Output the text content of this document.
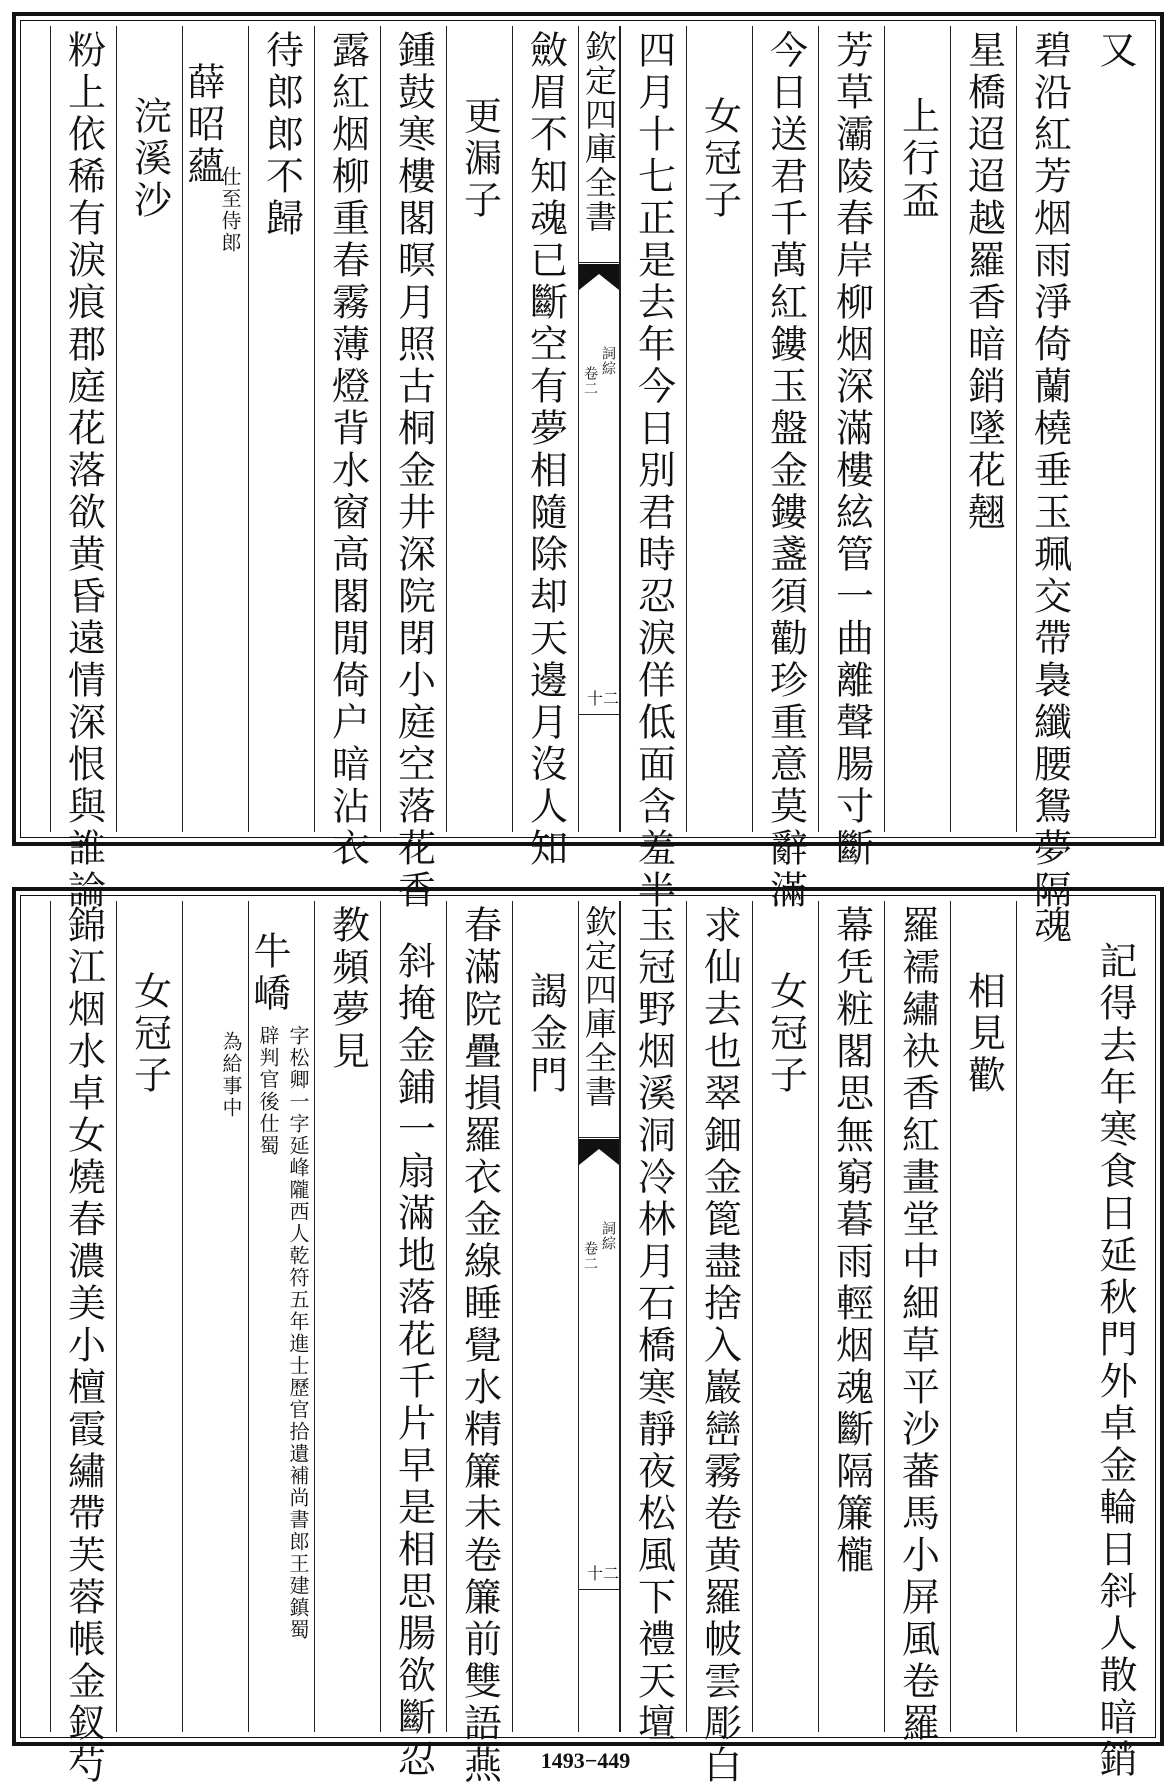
又
碧沿紅芳烟雨淨倚蘭橈垂玉珮交帶裊纖腰鴛夢隔
星橋迢迢越羅香暗銷墜花翹
上行盃
芳草灞陵春岸柳烟深滿樓絃管一曲離聲腸寸斷
今日送君千萬紅鏤玉盤金鏤盞須勸珍重意莫辭滿
女冠子
四月十七正是去年今日別君時忍淚佯低面含羞半
欽定四庫全書
詞綜
卷二
十二
斂眉不知魂已斷空有夢相隨除却天邊月沒人知
更漏子
鍾鼓寒樓閣暝月照古桐金井深院閉小庭空落花香
露紅烟柳重春霧薄燈背水窗高閣閒倚户暗沾衣
待郎郎不歸
薛昭蘊
仕至侍郎
浣溪沙
粉上依稀有淚痕郡庭花落欲黄昏遠情深恨與誰論
記得去年寒食日延秋門外卓金輪日斜人散暗銷
魂
相見歡
羅襦繡袂香紅畫堂中細草平沙蕃馬小屏風卷羅
幕凭粧閣思無窮暮雨輕烟魂斷隔簾櫳
女冠子
求仙去也翠鈿金篦盡捨入巖巒霧卷黄羅帔雲彫白
玉冠野烟溪洞冷林月石橋寒靜夜松風下禮天壇
欽定四庫全書
詞綜
卷二
十二
謁金門
春滿院疊損羅衣金線睡覺水精簾未卷簾前雙語燕
斜掩金鋪一扇滿地落花千片早是相思腸欲斷忍
教頻夢見
牛嶠
字松卿一字延峰隴西人乾符五年進士歷官拾遺補尚書郎王建鎮蜀辟判官後仕蜀
為給事中
女冠子
錦江烟水卓女燒春濃美小檀霞繡帶芙蓉帳金釵芍	1493−449
